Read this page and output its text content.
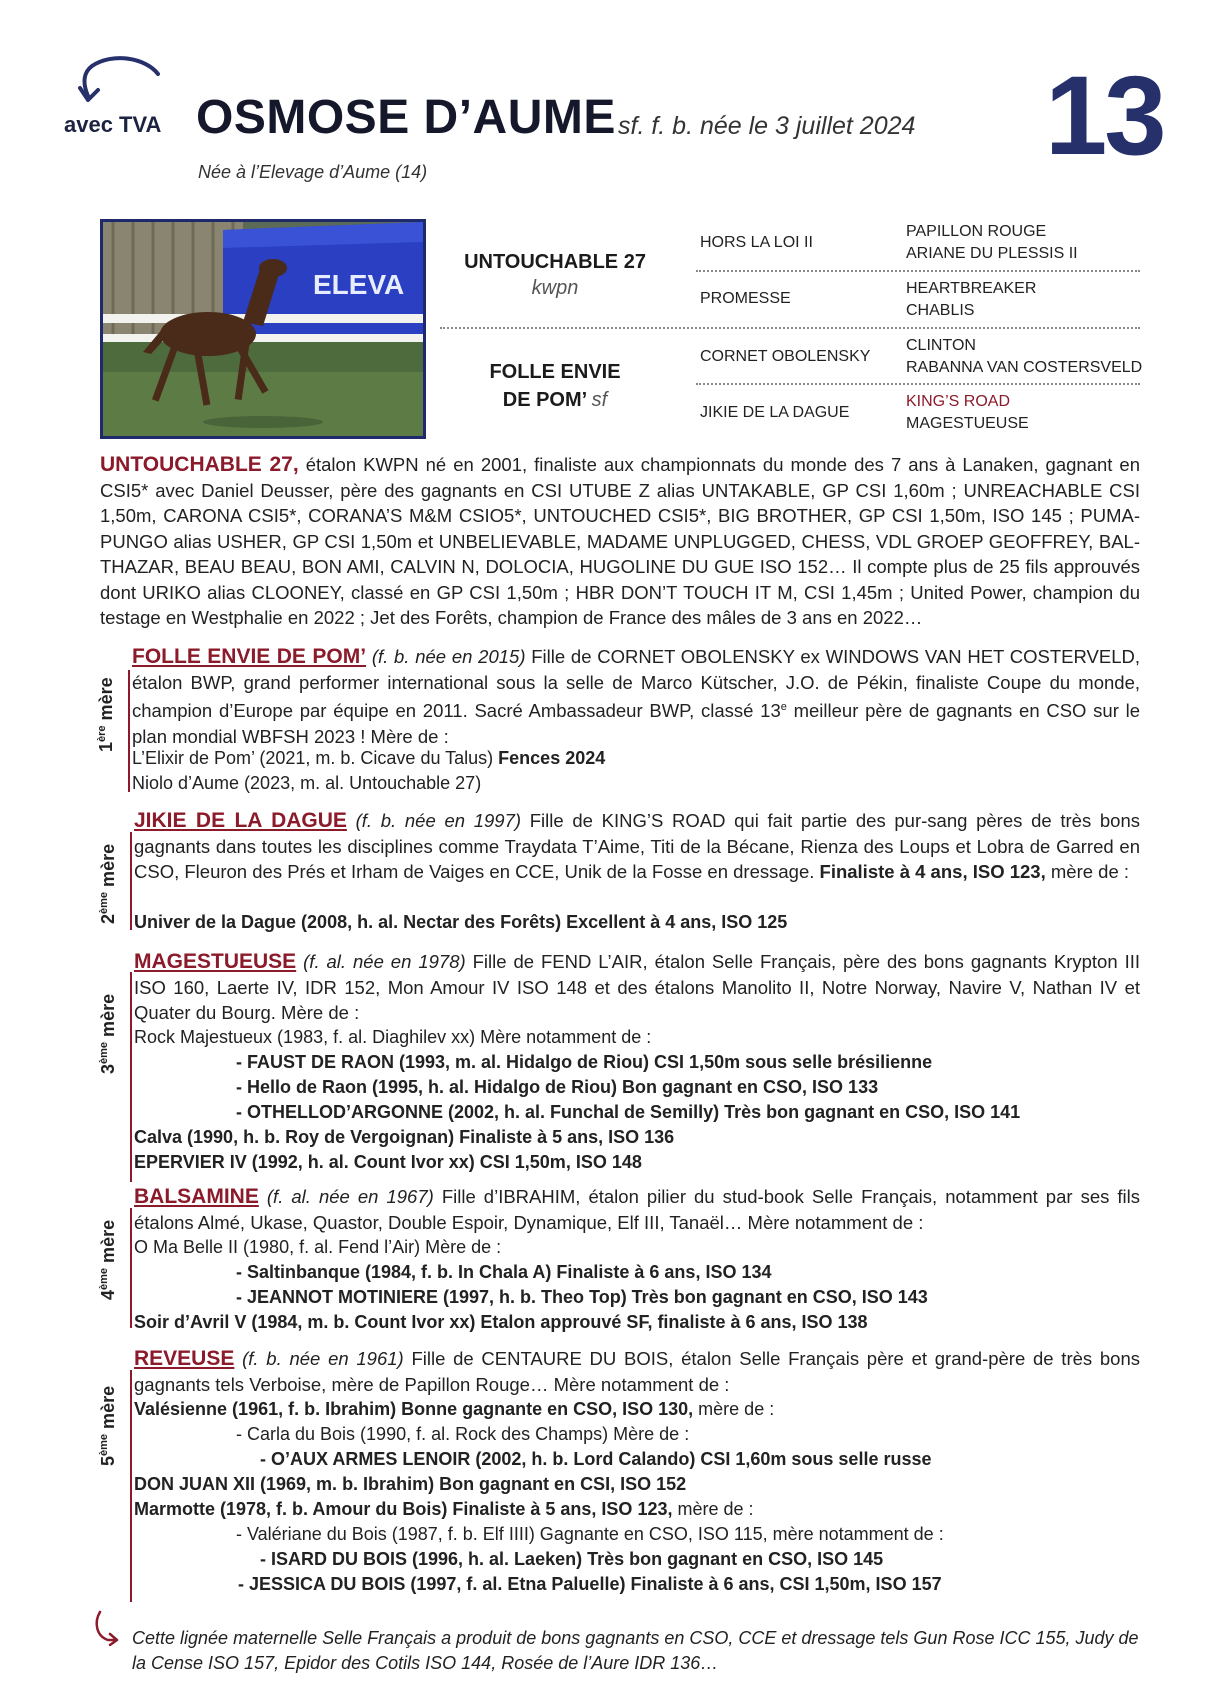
avec TVA OSMOSE D’AUME sf. f. b. née le 3 juillet 2024 13
Née à l’Elevage d’Aume (14)
ELEVA
UNTOUCHABLE 27
kwpn
FOLLE ENVIE
DE POM’ sf
HORS LA LOI II
PROMESSE
CORNET OBOLENSKY
JIKIE DE LA DAGUE
PAPILLON ROUGE
ARIANE DU PLESSIS II
HEARTBREAKER
CHABLIS
CLINTON
RABANNA VAN COSTERSVELD
KING’S ROAD
MAGESTUEUSE
UNTOUCHABLE 27, étalon KWPN né en 2001, finaliste aux championnats du monde des 7 ans à Lanaken, gagnant en CSI5* avec Daniel Deusser, père des gagnants en CSI UTUBE Z alias UNTAKABLE, GP CSI 1,60m ; UNREACHABLE CSI 1,50m, CARONA CSI5*, CORANA’S M&M CSIO5*, UNTOUCHED CSI5*, BIG BROTHER, GP CSI 1,50m, ISO 145 ; PUMA-PUNGO alias USHER, GP CSI 1,50m et UNBELIEVABLE, MADAME UNPLUGGED, CHESS, VDL GROEP GEOFFREY, BAL-THAZAR, BEAU BEAU, BON AMI, CALVIN N, DOLOCIA, HUGOLINE DU GUE ISO 152… Il compte plus de 25 fils approuvés dont URIKO alias CLOONEY, classé en GP CSI 1,50m ; HBR DON’T TOUCH IT M, CSI 1,45m ; United Power, champion du testage en Westphalie en 2022 ; Jet des Forêts, champion de France des mâles de 3 ans en 2022…
1ère mère
FOLLE ENVIE DE POM’ (f. b. née en 2015) Fille de CORNET OBOLENSKY ex WINDOWS VAN HET COSTERVELD, étalon BWP, grand performer international sous la selle de Marco Kütscher, J.O. de Pékin, finaliste Coupe du monde, champion d’Europe par équipe en 2011. Sacré Ambassadeur BWP, classé 13e meilleur père de gagnants en CSO sur le plan mondial WBFSH 2023 ! Mère de :
L’Elixir de Pom’ (2021, m. b. Cicave du Talus) Fences 2024
Niolo d’Aume (2023, m. al. Untouchable 27)
2ème mère
JIKIE DE LA DAGUE (f. b. née en 1997) Fille de KING’S ROAD qui fait partie des pur-sang pères de très bons gagnants dans toutes les disciplines comme Traydata T’Aime, Titi de la Bécane, Rienza des Loups et Lobra de Garred en CSO, Fleuron des Prés et Irham de Vaiges en CCE, Unik de la Fosse en dressage. Finaliste à 4 ans, ISO 123, mère de :
Univer de la Dague (2008, h. al. Nectar des Forêts) Excellent à 4 ans, ISO 125
3ème mère
MAGESTUEUSE (f. al. née en 1978) Fille de FEND L’AIR, étalon Selle Français, père des bons gagnants Krypton III ISO 160, Laerte IV, IDR 152, Mon Amour IV ISO 148 et des étalons Manolito II, Notre Norway, Navire V, Nathan IV et Quater du Bourg. Mère de :
Rock Majestueux (1983, f. al. Diaghilev xx) Mère notamment de :
- FAUST DE RAON (1993, m. al. Hidalgo de Riou) CSI 1,50m sous selle brésilienne
- Hello de Raon (1995, h. al. Hidalgo de Riou) Bon gagnant en CSO, ISO 133
- OTHELLOD’ARGONNE (2002, h. al. Funchal de Semilly) Très bon gagnant en CSO, ISO 141
Calva (1990, h. b. Roy de Vergoignan) Finaliste à 5 ans, ISO 136
EPERVIER IV (1992, h. al. Count Ivor xx) CSI 1,50m, ISO 148
4ème mère
BALSAMINE (f. al. née en 1967) Fille d’IBRAHIM, étalon pilier du stud-book Selle Français, notamment par ses fils étalons Almé, Ukase, Quastor, Double Espoir, Dynamique, Elf III, Tanaël… Mère notamment de :
O Ma Belle II (1980, f. al. Fend l’Air) Mère de :
- Saltinbanque (1984, f. b. In Chala A) Finaliste à 6 ans, ISO 134
- JEANNOT MOTINIERE (1997, h. b. Theo Top) Très bon gagnant en CSO, ISO 143
Soir d’Avril V (1984, m. b. Count Ivor xx) Etalon approuvé SF, finaliste à 6 ans, ISO 138
5ème mère
REVEUSE (f. b. née en 1961) Fille de CENTAURE DU BOIS, étalon Selle Français père et grand-père de très bons gagnants tels Verboise, mère de Papillon Rouge… Mère notamment de :
Valésienne (1961, f. b. Ibrahim) Bonne gagnante en CSO, ISO 130, mère de :
- Carla du Bois (1990, f. al. Rock des Champs) Mère de :
- O’AUX ARMES LENOIR (2002, h. b. Lord Calando) CSI 1,60m sous selle russe
DON JUAN XII (1969, m. b. Ibrahim) Bon gagnant en CSI, ISO 152
Marmotte (1978, f. b. Amour du Bois) Finaliste à 5 ans, ISO 123, mère de :
- Valériane du Bois (1987, f. b. Elf IIII) Gagnante en CSO, ISO 115, mère notamment de :
- ISARD DU BOIS (1996, h. al. Laeken) Très bon gagnant en CSO, ISO 145
- JESSICA DU BOIS (1997, f. al. Etna Paluelle) Finaliste à 6 ans, CSI 1,50m, ISO 157
Cette lignée maternelle Selle Français a produit de bons gagnants en CSO, CCE et dressage tels Gun Rose ICC 155, Judy de la Cense ISO 157, Epidor des Cotils ISO 144, Rosée de l’Aure IDR 136…
